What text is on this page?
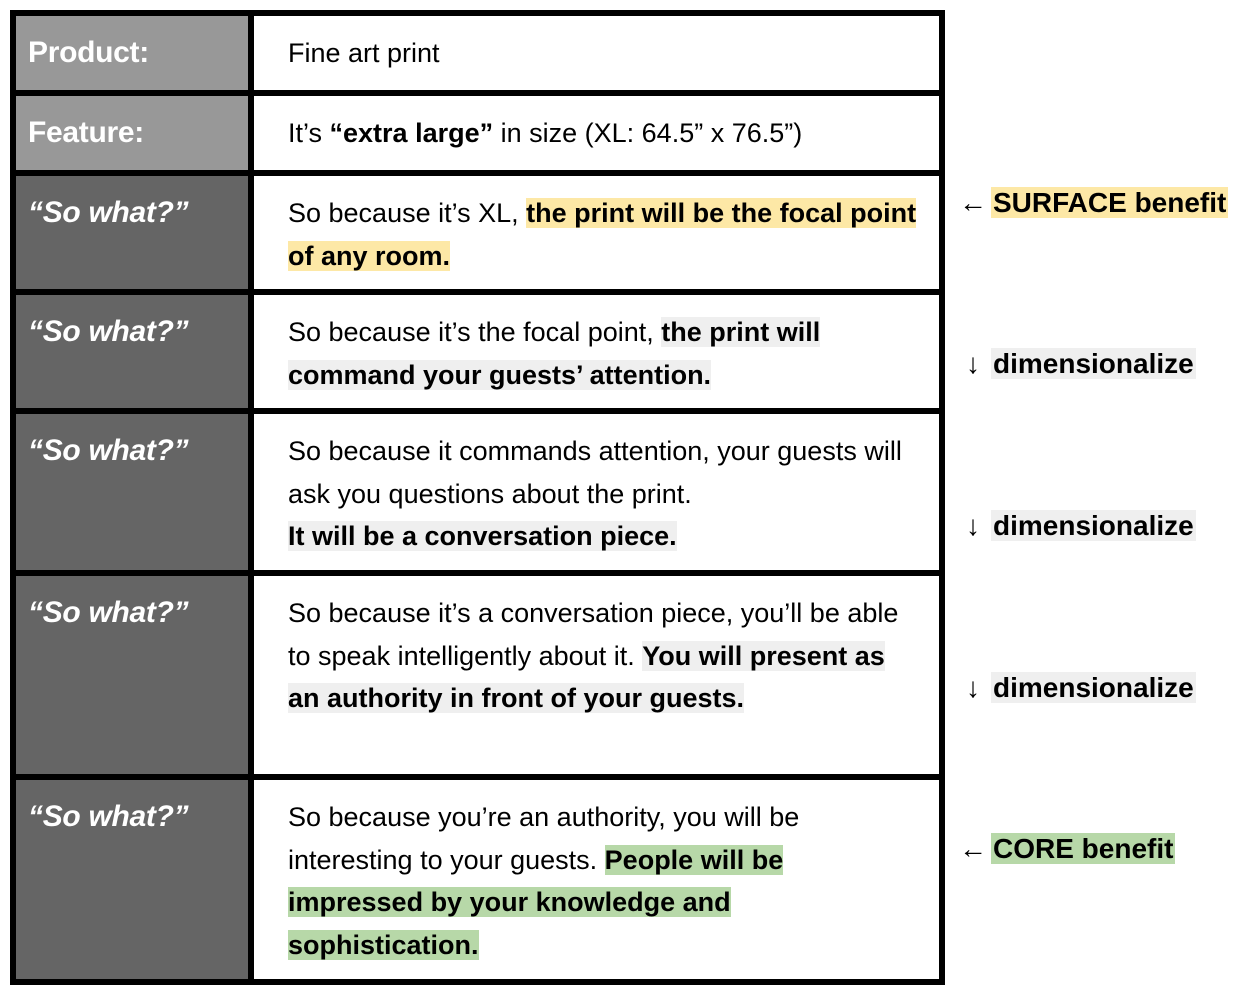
Product:	Fine art print

Feature:	It’s “extra large” in size (XL: 64.5” x 76.5”)

“So what?”	So because it’s XL, the print will be the focal point of any room.

“So what?”	So because it’s the focal point, the print will command your guests’ attention.

“So what?”	So because it commands attention, your guests will ask you questions about the print.
It will be a conversation piece.

“So what?”	So because it’s a conversation piece, you’ll be able to speak intelligently about it. You will present as an authority in front of your guests.

“So what?”	So because you’re an authority, you will be interesting to your guests. People will be impressed by your knowledge and sophistication.
← SURFACE benefit
↓ dimensionalize
↓ dimensionalize
↓ dimensionalize
← CORE benefit
